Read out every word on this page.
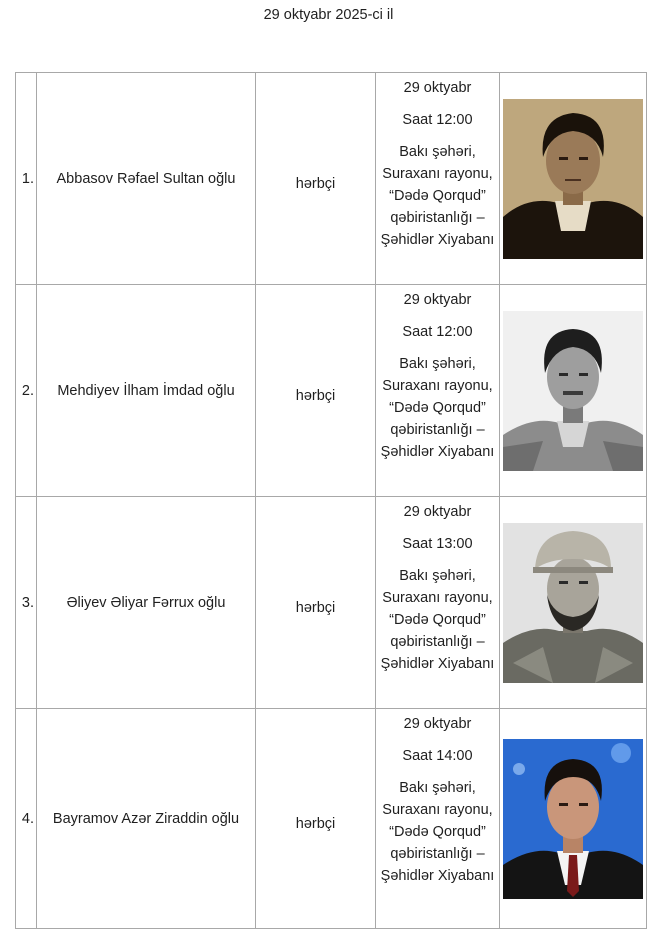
29 oktyabr 2025-ci il
1.	Abbasov Rəfael Sultan oğlu	hərbçi	29 oktyabr

Saat 12:00

Bakı şəhəri, Suraxanı rayonu, “Dədə Qorqud” qəbiristanlığı – Şəhidlər Xiyabanı

2.	Mehdiyev İlham İmdad oğlu	hərbçi	29 oktyabr

Saat 12:00

Bakı şəhəri, Suraxanı rayonu, “Dədə Qorqud” qəbiristanlığı – Şəhidlər Xiyabanı

3.	Əliyev Əliyar Fərrux oğlu	hərbçi	29 oktyabr

Saat 13:00

Bakı şəhəri, Suraxanı rayonu, “Dədə Qorqud” qəbiristanlığı – Şəhidlər Xiyabanı

4.	Bayramov Azər Ziraddin oğlu	hərbçi	29 oktyabr

Saat 14:00

Bakı şəhəri, Suraxanı rayonu, “Dədə Qorqud” qəbiristanlığı – Şəhidlər Xiyabanı
